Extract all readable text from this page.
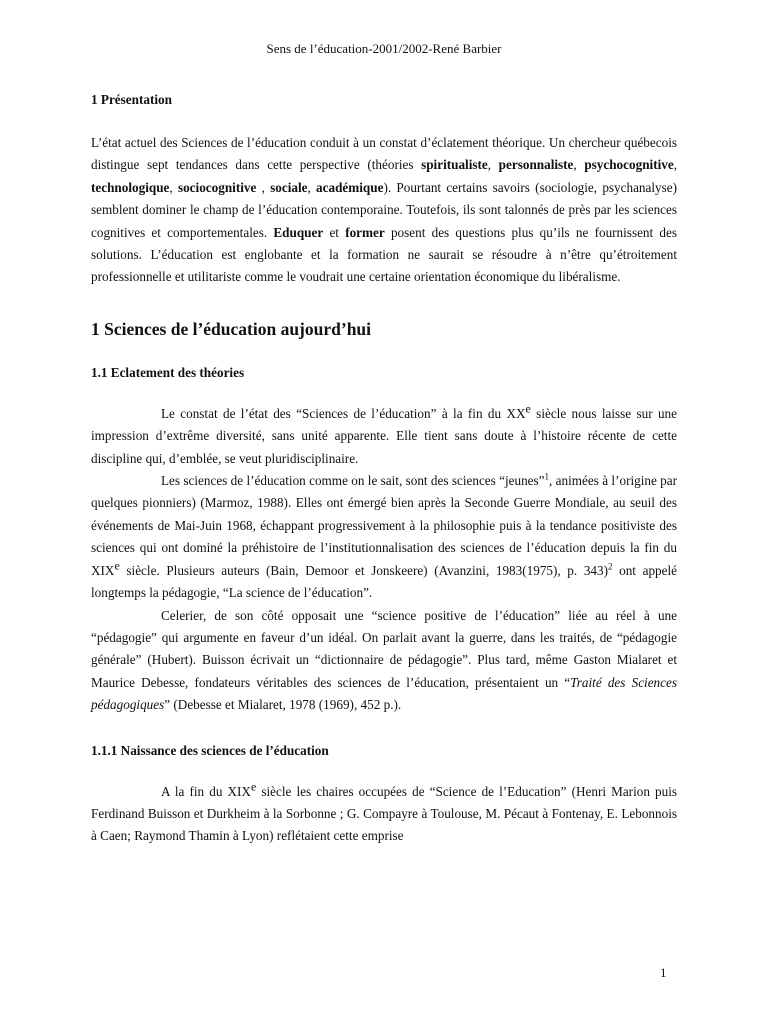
Sens de l’éducation-2001/2002-René Barbier
1 Présentation

L’état actuel des Sciences de l’éducation conduit à un constat d’éclatement théorique. Un chercheur québecois distingue sept tendances dans cette perspective (théories spiritualiste, personnaliste, psychocognitive, technologique, sociocognitive , sociale, académique). Pourtant certains savoirs (sociologie, psychanalyse) semblent dominer le champ de l’éducation contemporaine. Toutefois, ils sont talonnés de près par les sciences cognitives et comportementales. Eduquer et former posent des questions plus qu’ils ne fournissent des solutions. L’éducation est englobante et la formation ne saurait se résoudre à n’être qu’étroitement professionnelle et utilitariste comme le voudrait une certaine orientation économique du libéralisme.

1 Sciences de l’éducation aujourd’hui
1.1 Eclatement des théories

Le constat de l’état des “Sciences de l’éducation” à la fin du XXe siècle nous laisse sur une impression d’extrême diversité, sans unité apparente. Elle tient sans doute à l’histoire récente de cette discipline qui, d’emblée, se veut pluridisciplinaire.

Les sciences de l’éducation comme on le sait, sont des sciences “jeunes”$^1$, animées à l’origine par quelques pionniers) (Marmoz, 1988). Elles ont émergé bien après la Seconde Guerre Mondiale, au seuil des événements de Mai-Juin 1968, échappant progressivement à la philosophie puis à la tendance positiviste des sciences qui ont dominé la préhistoire de l’institutionnalisation des sciences de l’éducation depuis la fin du XIXe siècle. Plusieurs auteurs (Bain, Demoor et Jonskeere) (Avanzini, 1983(1975), p. 343)$^2$ ont appelé longtemps la pédagogie, “La science de l’éducation”.

Celerier, de son côté opposait une “science positive de l’éducation” liée au réel à une “pédagogie” qui argumente en faveur d’un idéal. On parlait avant la guerre, dans les traités, de “pédagogie générale” (Hubert). Buisson écrivait un “dictionnaire de pédagogie”. Plus tard, même Gaston Mialaret et Maurice Debesse, fondateurs véritables des sciences de l’éducation, présentaient un “Traité des Sciences pédagogiques” (Debesse et Mialaret, 1978 (1969), 452 p.).

1.1.1 Naissance des sciences de l’éducation

A la fin du XIXe siècle les chaires occupées de “Science de l’Education” (Henri Marion puis Ferdinand Buisson et Durkheim à la Sorbonne ; G. Compayre à Toulouse, M. Pécaut à Fontenay, E. Lebonnois à Caen; Raymond Thamin à Lyon) reflétaient cette emprise

1
